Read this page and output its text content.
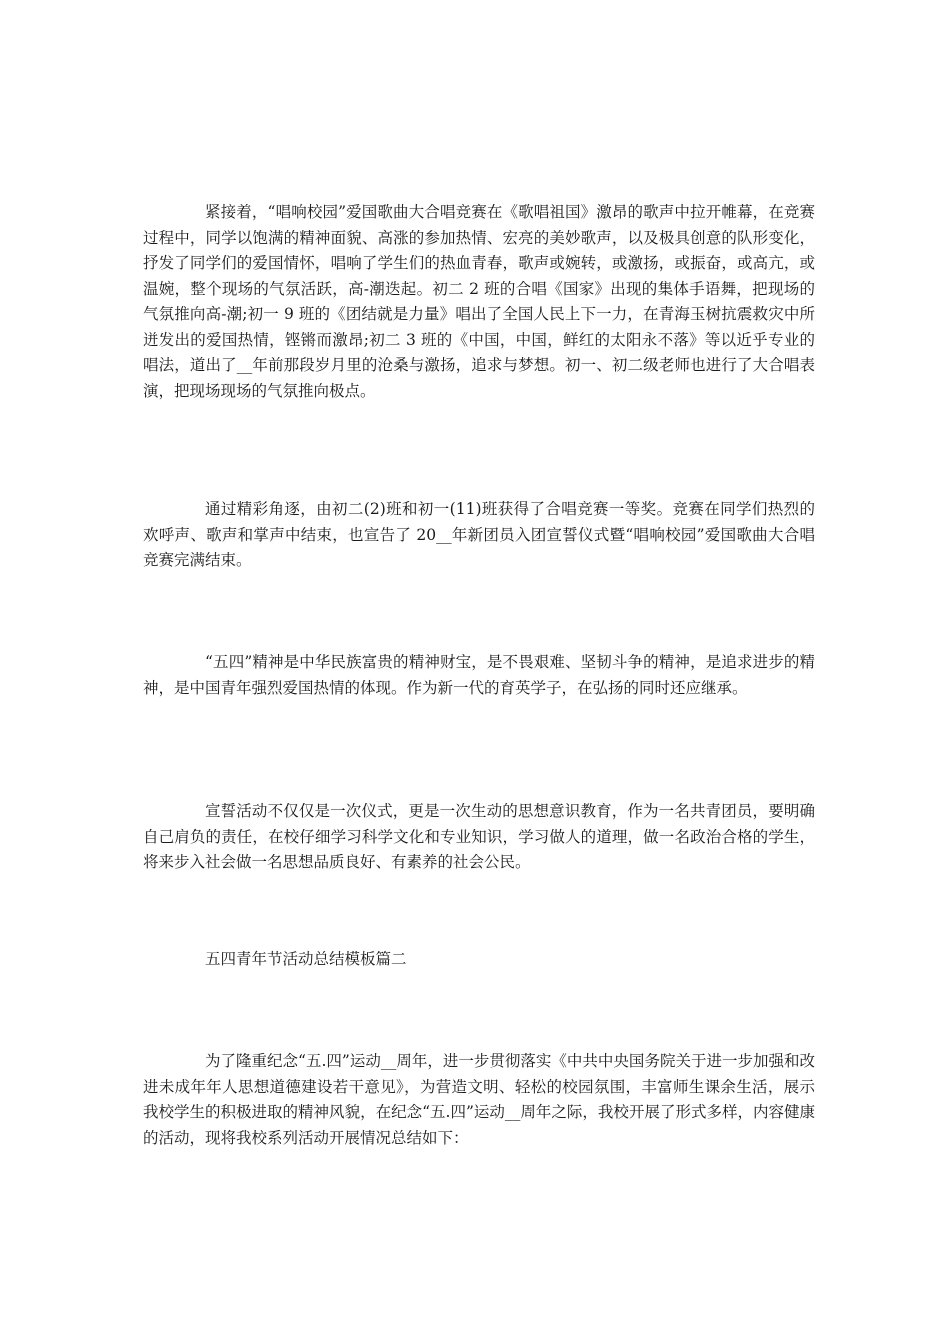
紧接着，“唱响校园”爱国歌曲大合唱竞赛在《歌唱祖国》激昂的歌声中拉开帷幕，在竞赛过程中，同学以饱满的精神面貌、高涨的参加热情、宏亮的美妙歌声，以及极具创意的队形变化，抒发了同学们的爱国情怀，唱响了学生们的热血青春，歌声或婉转，或激扬，或振奋，或高亢，或温婉，整个现场的气氛活跃，高-潮迭起。初二 2 班的合唱《国家》出现的集体手语舞，把现场的气氛推向高-潮;初一 9 班的《团结就是力量》唱出了全国人民上下一力，在青海玉树抗震救灾中所迸发出的爱国热情，铿锵而激昂;初二 3 班的《中国，中国，鲜红的太阳永不落》等以近乎专业的唱法，道出了__年前那段岁月里的沧桑与激扬，追求与梦想。初一、初二级老师也进行了大合唱表演，把现场现场的气氛推向极点。

通过精彩角逐，由初二(2)班和初一(11)班获得了合唱竞赛一等奖。竞赛在同学们热烈的欢呼声、歌声和掌声中结束，也宣告了 20__年新团员入团宣誓仪式暨“唱响校园”爱国歌曲大合唱竞赛完满结束。

“五四”精神是中华民族富贵的精神财宝，是不畏艰难、坚韧斗争的精神，是追求进步的精神，是中国青年强烈爱国热情的体现。作为新一代的育英学子，在弘扬的同时还应继承。

宣誓活动不仅仅是一次仪式，更是一次生动的思想意识教育，作为一名共青团员，要明确自己肩负的责任，在校仔细学习科学文化和专业知识，学习做人的道理，做一名政治合格的学生，将来步入社会做一名思想品质良好、有素养的社会公民。

五四青年节活动总结模板篇二

为了隆重纪念“五.四”运动__周年，进一步贯彻落实《中共中央国务院关于进一步加强和改进未成年年人思想道德建设若干意见》，为营造文明、轻松的校园氛围，丰富师生课余生活，展示我校学生的积极进取的精神风貌，在纪念“五.四”运动__周年之际，我校开展了形式多样，内容健康的活动，现将我校系列活动开展情况总结如下：
